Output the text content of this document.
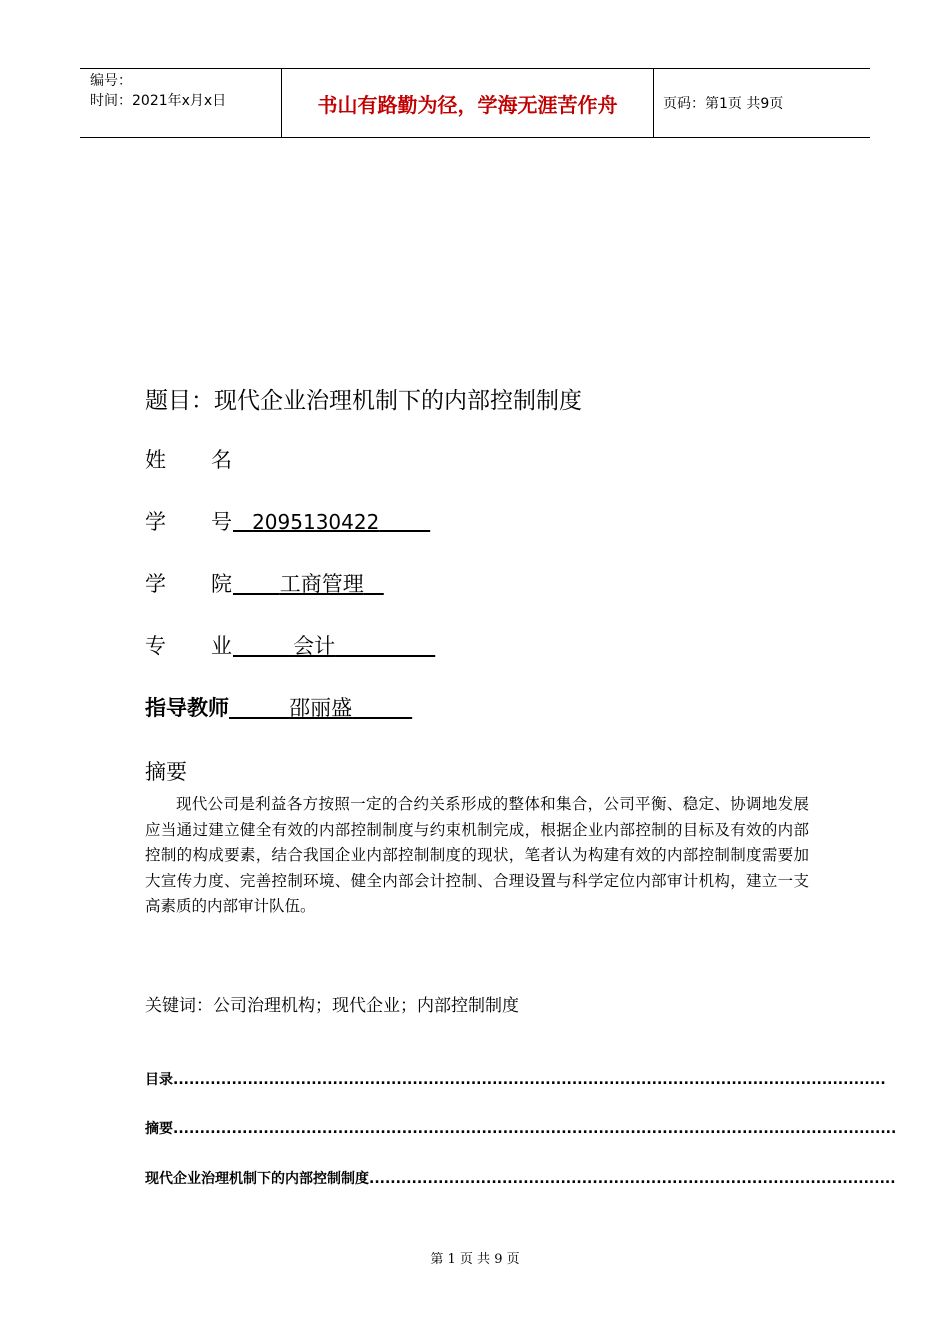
编号：
时间：2021年x月x日	书山有路勤为径，学海无涯苦作舟	页码：第1页 共9页
题目：现代企业治理机制下的内部控制制度
姓 名
学 号	2095130422
学 院	工商管理
专 业	会计
指导教师	邵丽盛
摘要
现代公司是利益各方按照一定的合约关系形成的整体和集合，公司平衡、稳定、协调地发展应当通过建立健全有效的内部控制制度与约束机制完成，根据企业内部控制的目标及有效的内部控制的构成要素，结合我国企业内部控制制度的现状，笔者认为构建有效的内部控制制度需要加大宣传力度、完善控制环境、健全内部会计控制、合理设置与科学定位内部审计机构，建立一支高素质的内部审计队伍。
关键词：公司治理机构；现代企业；内部控制制度
目录......................................................................................................................................
摘要........................................................................................................................................
现代企业治理机制下的内部控制制度...................................................................................................
第 1 页 共 9 页
